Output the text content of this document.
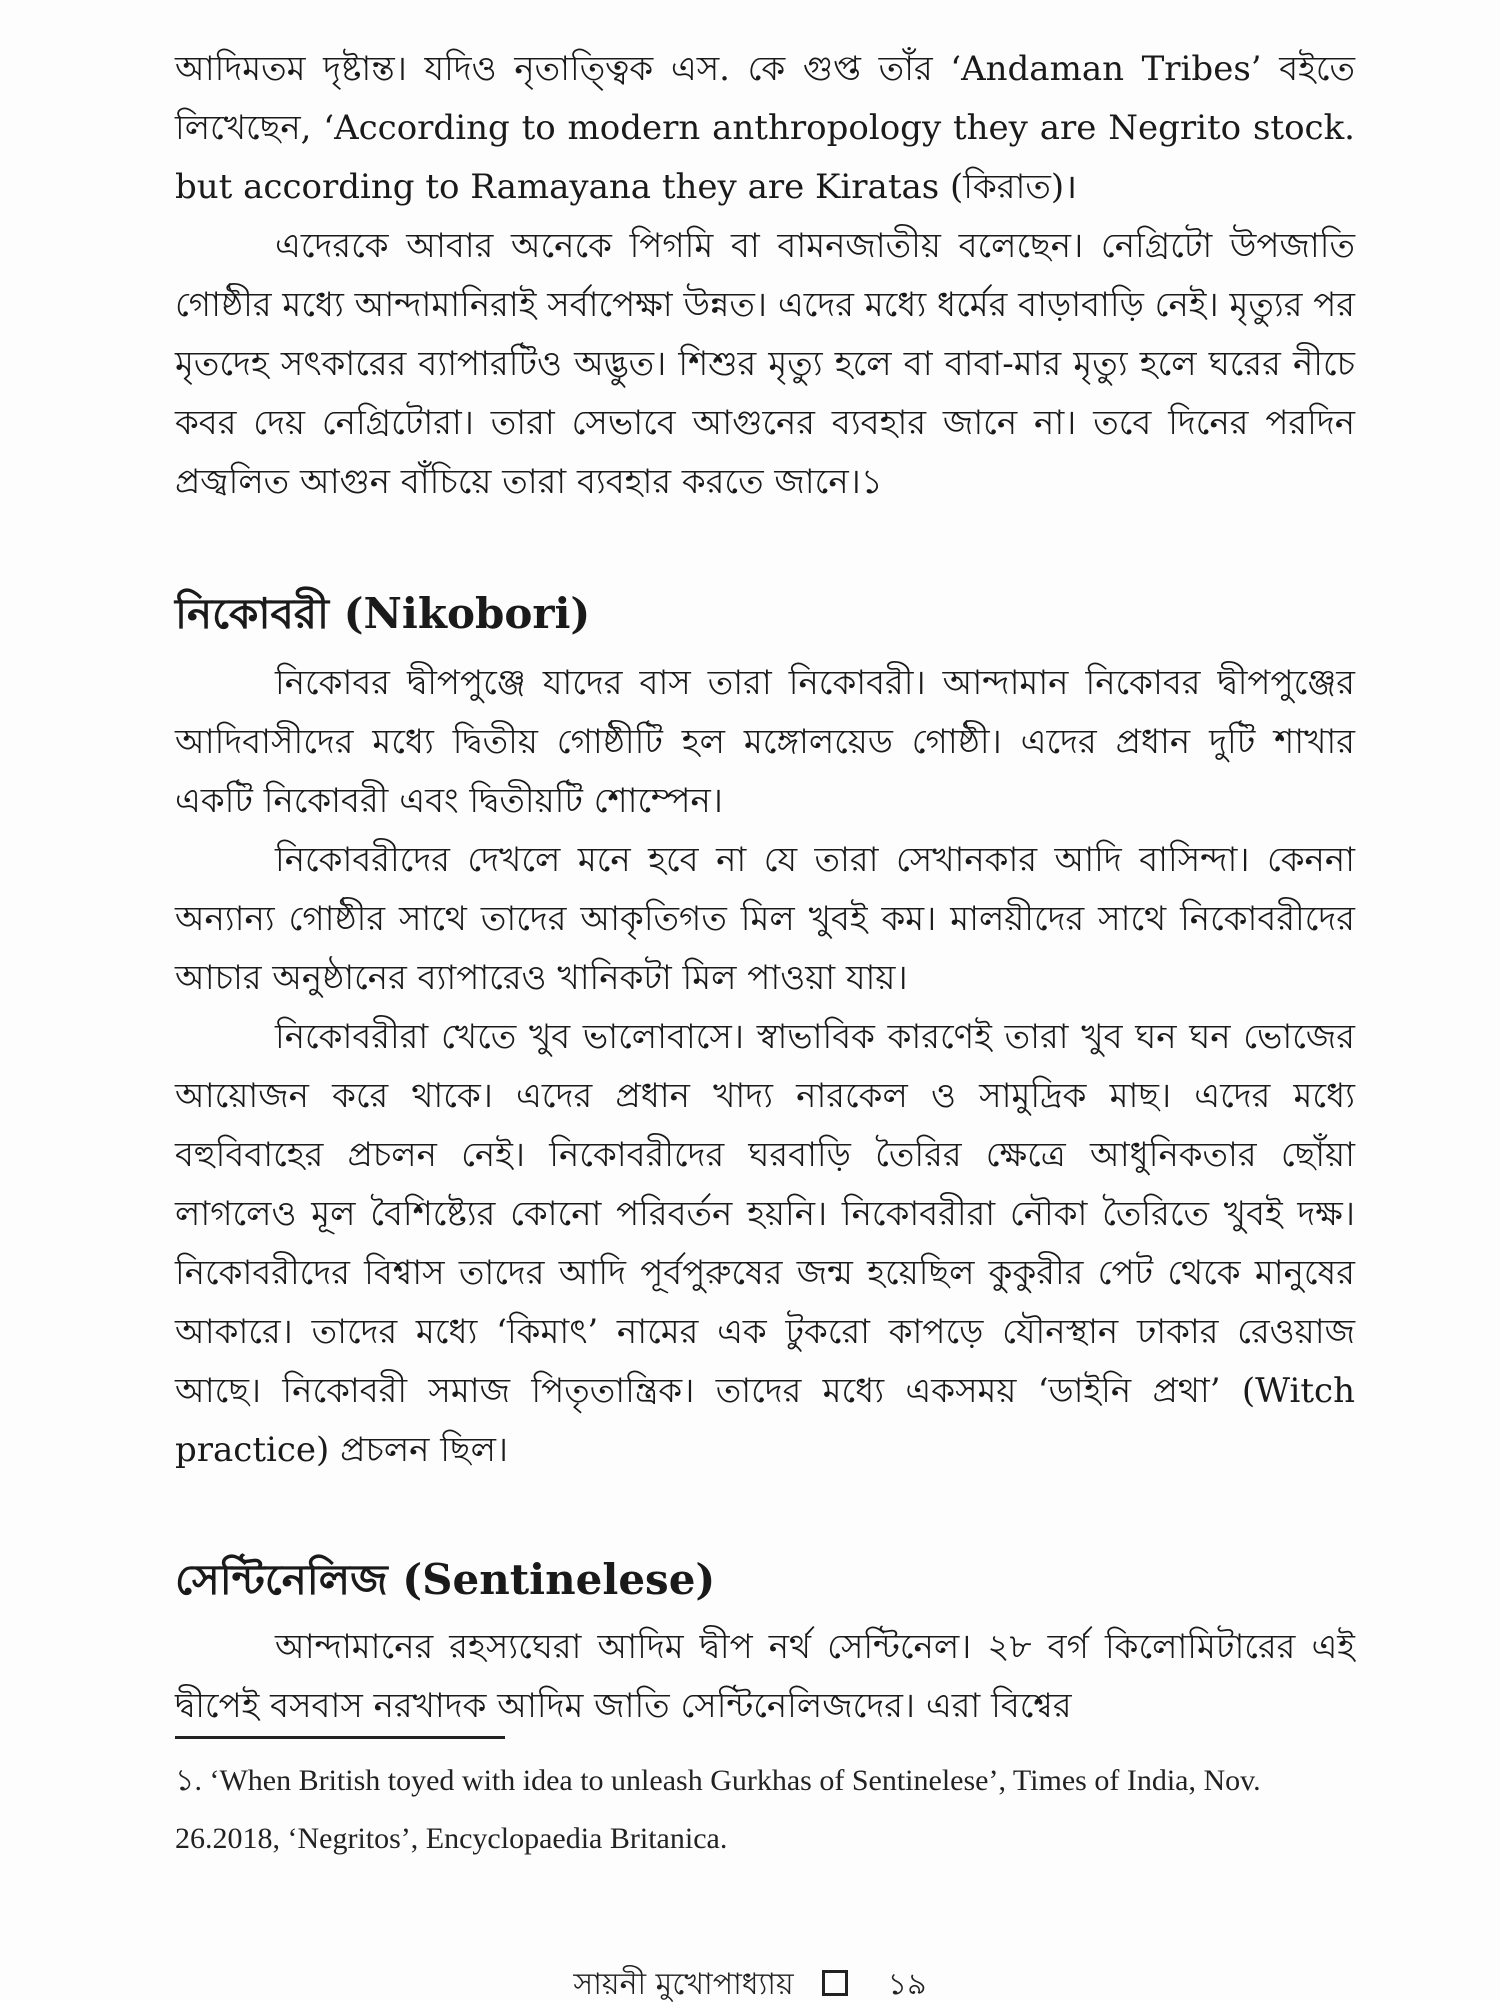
আদিমতম দৃষ্টান্ত। যদিও নৃতাত্ত্বিক এস. কে গুপ্ত তাঁর ‘Andaman Tribes’ বইতে লিখেছেন, ‘According to modern anthropology they are Negrito stock. but according to Ramayana they are Kiratas (কিরাত)।

এদেরকে আবার অনেকে পিগমি বা বামনজাতীয় বলেছেন। নেগ্রিটো উপজাতি গোষ্ঠীর মধ্যে আন্দামানিরাই সর্বাপেক্ষা উন্নত। এদের মধ্যে ধর্মের বাড়াবাড়ি নেই। মৃত্যুর পর মৃতদেহ সৎকারের ব্যাপারটিও অদ্ভুত। শিশুর মৃত্যু হলে বা বাবা-মার মৃত্যু হলে ঘরের নীচে কবর দেয় নেগ্রিটোরা। তারা সেভাবে আগুনের ব্যবহার জানে না। তবে দিনের পরদিন প্রজ্বলিত আগুন বাঁচিয়ে তারা ব্যবহার করতে জানে।১

নিকোবরী (Nikobori)

নিকোবর দ্বীপপুঞ্জে যাদের বাস তারা নিকোবরী। আন্দামান নিকোবর দ্বীপপুঞ্জের আদিবাসীদের মধ্যে দ্বিতীয় গোষ্ঠীটি হল মঙ্গোলয়েড গোষ্ঠী। এদের প্রধান দুটি শাখার একটি নিকোবরী এবং দ্বিতীয়টি শোম্পেন।

নিকোবরীদের দেখলে মনে হবে না যে তারা সেখানকার আদি বাসিন্দা। কেননা অন্যান্য গোষ্ঠীর সাথে তাদের আকৃতিগত মিল খুবই কম। মালয়ীদের সাথে নিকোবরীদের আচার অনুষ্ঠানের ব্যাপারেও খানিকটা মিল পাওয়া যায়।

নিকোবরীরা খেতে খুব ভালোবাসে। স্বাভাবিক কারণেই তারা খুব ঘন ঘন ভোজের আয়োজন করে থাকে। এদের প্রধান খাদ্য নারকেল ও সামুদ্রিক মাছ। এদের মধ্যে বহুবিবাহের প্রচলন নেই। নিকোবরীদের ঘরবাড়ি তৈরির ক্ষেত্রে আধুনিকতার ছোঁয়া লাগলেও মূল বৈশিষ্ট্যের কোনো পরিবর্তন হয়নি। নিকোবরীরা নৌকা তৈরিতে খুবই দক্ষ। নিকোবরীদের বিশ্বাস তাদের আদি পূর্বপুরুষের জন্ম হয়েছিল কুকুরীর পেট থেকে মানুষের আকারে। তাদের মধ্যে ‘কিমাৎ’ নামের এক টুকরো কাপড়ে যৌনস্থান ঢাকার রেওয়াজ আছে। নিকোবরী সমাজ পিতৃতান্ত্রিক। তাদের মধ্যে একসময় ‘ডাইনি প্রথা’ (Witch practice) প্রচলন ছিল।

সেন্টিনেলিজ (Sentinelese)

আন্দামানের রহস্যঘেরা আদিম দ্বীপ নর্থ সেন্টিনেল। ২৮ বর্গ কিলোমিটারের এই দ্বীপেই বসবাস নরখাদক আদিম জাতি সেন্টিনেলিজদের। এরা বিশ্বের

১. ‘When British toyed with idea to unleash Gurkhas of Sentinelese’, Times of India, Nov. 26.2018, ‘Negritos’, Encyclopaedia Britanica.
সায়নী মুখোপাধ্যায়	১৯
